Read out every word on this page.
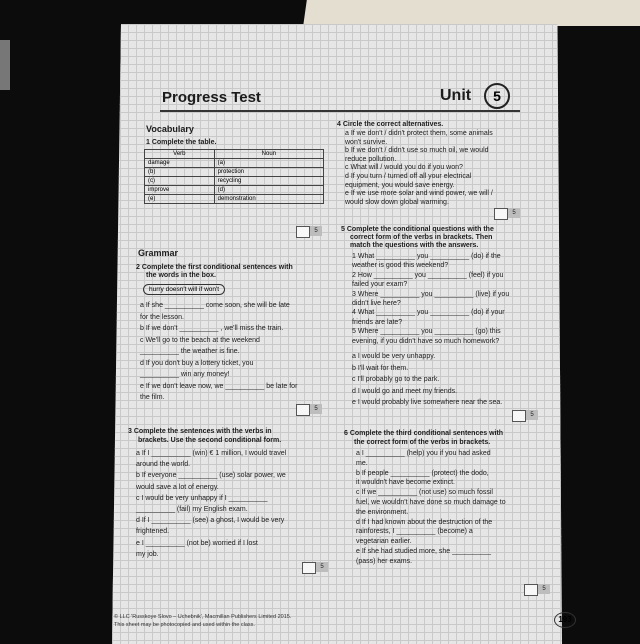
Progress Test	Unit	5
Vocabulary
1 Complete the table.
Verb	Noun
damage	(a)
(b)	protection
(c)	recycling
improve	(d)
(e)	demonstration
5
Grammar
2 Complete the first conditional sentences with
the words in the box.
hurry doesn't will if won't
a If she __________ come soon, she will be late
for the lesson.
b If we don't __________ , we'll miss the train.
c We'll go to the beach at the weekend
__________ the weather is fine.
d If you don't buy a lottery ticket, you
__________ win any money!
e If we don't leave now, we __________ be late for
the film.
5
3 Complete the sentences with the verbs in
brackets. Use the second conditional form.
a If I __________ (win) € 1 million, I would travel
around the world.
b If everyone __________ (use) solar power, we
would save a lot of energy.
c I would be very unhappy if I __________
__________ (fail) my English exam.
d If I __________ (see) a ghost, I would be very
frightened.
e I __________ (not be) worried if I lost
my job.
5
4 Circle the correct alternatives.
a If we don't / didn't protect them, some animals
won't survive.
b If we don't / didn't use so much oil, we would
reduce pollution.
c What will / would you do if you won?
d If you turn / turned off all your electrical
equipment, you would save energy.
e If we use more solar and wind power, we will /
would slow down global warming.
5
5 Complete the conditional questions with the
correct form of the verbs in brackets. Then
match the questions with the answers.
1 What __________ you __________ (do) if the
weather is good this weekend?
2 How __________ you __________ (feel) if you
failed your exam?
3 Where __________ you __________ (live) if you
didn't live here?
4 What __________ you __________ (do) if your
friends are late?
5 Where __________ you __________ (go) this
evening, if you didn't have so much homework?
a I would be very unhappy.
b I'll wait for them.
c I'll probably go to the park.
d I would go and meet my friends.
e I would probably live somewhere near the sea.
5
6 Complete the third conditional sentences with
the correct form of the verbs in brackets.
a I __________ (help) you if you had asked
me.
b If people __________ (protect) the dodo,
it wouldn't have become extinct.
c If we __________ (not use) so much fossil
fuel, we wouldn't have done so much damage to
the environment.
d If I had known about the destruction of the
rainforests, I __________ (become) a
vegetarian earlier.
e If she had studied more, she __________
(pass) her exams.
5
© LLC 'Russkoye Slovo – Uchebnik', Macmillan Publishers Limited 2015.
This sheet may be photocopied and used within the class.
193
